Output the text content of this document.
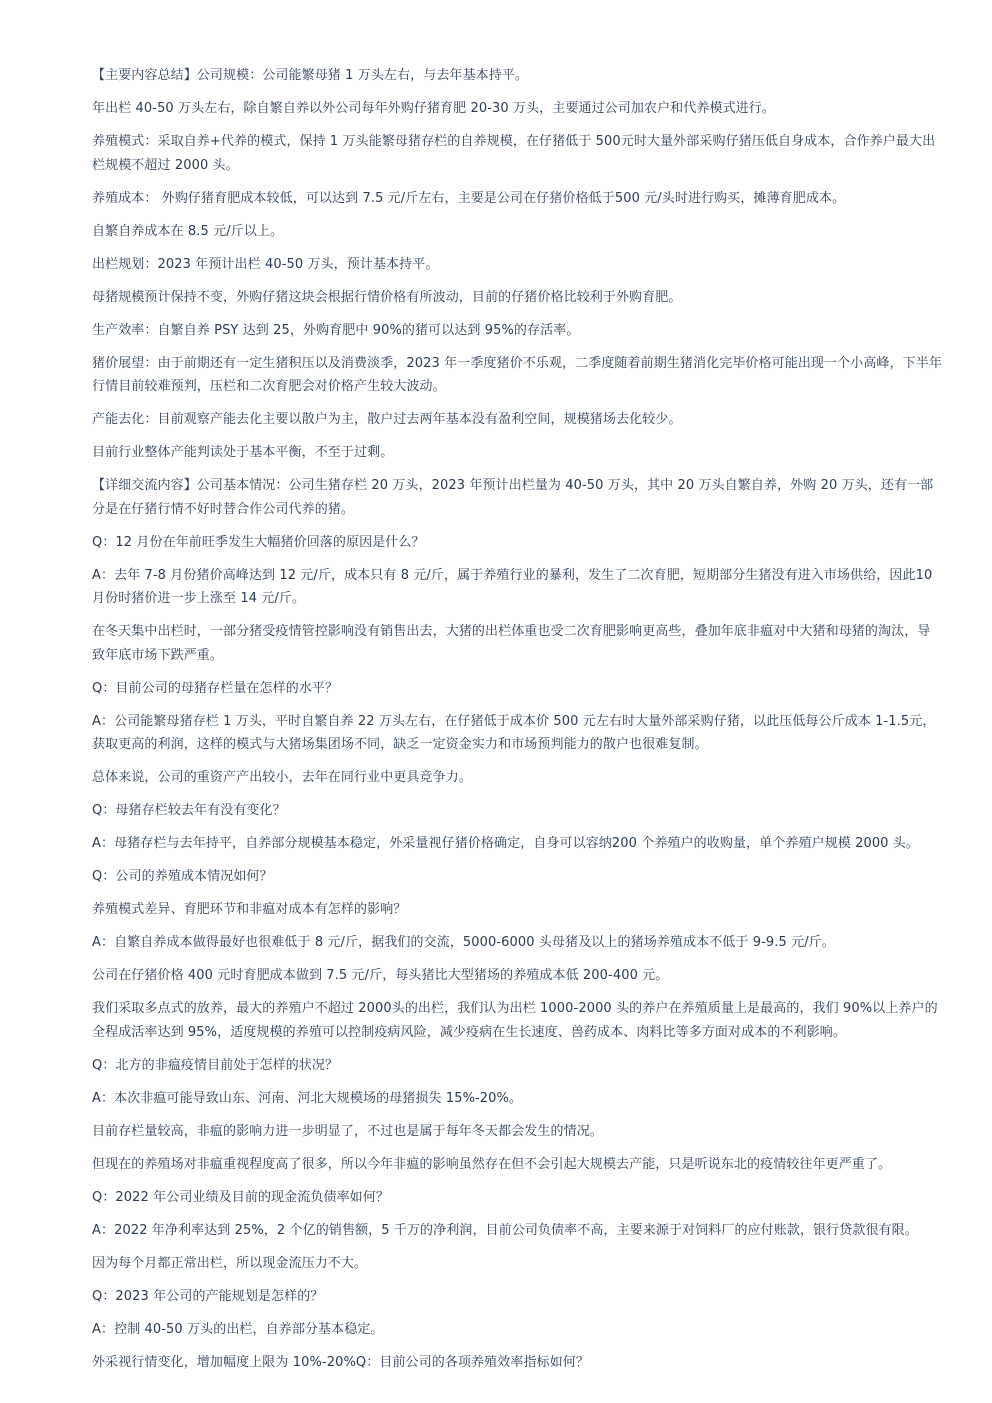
【主要内容总结】公司规模：公司能繁母猪 1 万头左右，与去年基本持平。

年出栏 40-50 万头左右，除自繁自养以外公司每年外购仔猪育肥 20-30 万头，主要通过公司加农户和代养模式进行。

养殖模式：采取自养+代养的模式，保持 1 万头能繁母猪存栏的自养规模，在仔猪低于 500元时大量外部采购仔猪压低自身成本，合作养户最大出栏规模不超过 2000 头。

养殖成本： 外购仔猪育肥成本较低，可以达到 7.5 元/斤左右，主要是公司在仔猪价格低于500 元/头时进行购买，摊薄育肥成本。

自繁自养成本在 8.5 元/斤以上。

出栏规划：2023 年预计出栏 40-50 万头，预计基本持平。

母猪规模预计保持不变，外购仔猪这块会根据行情价格有所波动，目前的仔猪价格比较利于外购育肥。

生产效率：自繁自养 PSY 达到 25，外购育肥中 90%的猪可以达到 95%的存活率。

猪价展望：由于前期还有一定生猪积压以及消费淡季，2023 年一季度猪价不乐观，二季度随着前期生猪消化完毕价格可能出现一个小高峰，下半年行情目前较难预判，压栏和二次育肥会对价格产生较大波动。

产能去化：目前观察产能去化主要以散户为主，散户过去两年基本没有盈利空间，规模猪场去化较少。

目前行业整体产能判读处于基本平衡，不至于过剩。

【详细交流内容】公司基本情况：公司生猪存栏 20 万头，2023 年预计出栏量为 40-50 万头，其中 20 万头自繁自养，外购 20 万头，还有一部分是在仔猪行情不好时替合作公司代养的猪。

Q：12 月份在年前旺季发生大幅猪价回落的原因是什么？

A：去年 7-8 月份猪价高峰达到 12 元/斤，成本只有 8 元/斤，属于养殖行业的暴利，发生了二次育肥，短期部分生猪没有进入市场供给，因此10 月份时猪价进一步上涨至 14 元/斤。

在冬天集中出栏时，一部分猪受疫情管控影响没有销售出去，大猪的出栏体重也受二次育肥影响更高些，叠加年底非瘟对中大猪和母猪的淘汰，导致年底市场下跌严重。

Q：目前公司的母猪存栏量在怎样的水平？

A：公司能繁母猪存栏 1 万头，平时自繁自养 22 万头左右，在仔猪低于成本价 500 元左右时大量外部采购仔猪，以此压低每公斤成本 1-1.5元，获取更高的利润，这样的模式与大猪场集团场不同，缺乏一定资金实力和市场预判能力的散户也很难复制。

总体来说，公司的重资产产出较小，去年在同行业中更具竞争力。

Q：母猪存栏较去年有没有变化？

A：母猪存栏与去年持平，自养部分规模基本稳定，外采量视仔猪价格确定，自身可以容纳200 个养殖户的收购量，单个养殖户规模 2000 头。

Q：公司的养殖成本情况如何？

养殖模式差异、育肥环节和非瘟对成本有怎样的影响？

A：自繁自养成本做得最好也很难低于 8 元/斤，据我们的交流，5000-6000 头母猪及以上的猪场养殖成本不低于 9-9.5 元/斤。

公司在仔猪价格 400 元时育肥成本做到 7.5 元/斤，每头猪比大型猪场的养殖成本低 200-400 元。

我们采取多点式的放养，最大的养殖户不超过 2000头的出栏，我们认为出栏 1000-2000 头的养户在养殖质量上是最高的，我们 90%以上养户的全程成活率达到 95%，适度规模的养殖可以控制疫病风险，减少疫病在生长速度、兽药成本、肉料比等多方面对成本的不利影响。

Q：北方的非瘟疫情目前处于怎样的状况？

A：本次非瘟可能导致山东、河南、河北大规模场的母猪损失 15%-20%。

目前存栏量较高，非瘟的影响力进一步明显了，不过也是属于每年冬天都会发生的情况。

但现在的养殖场对非瘟重视程度高了很多，所以今年非瘟的影响虽然存在但不会引起大规模去产能，只是听说东北的疫情较往年更严重了。

Q：2022 年公司业绩及目前的现金流负债率如何？

A：2022 年净利率达到 25%，2 个亿的销售额，5 千万的净利润，目前公司负债率不高，主要来源于对饲料厂的应付账款，银行贷款很有限。

因为每个月都正常出栏，所以现金流压力不大。

Q：2023 年公司的产能规划是怎样的？

A：控制 40-50 万头的出栏，自养部分基本稳定。

外采视行情变化，增加幅度上限为 10%-20%Q：目前公司的各项养殖效率指标如何？
